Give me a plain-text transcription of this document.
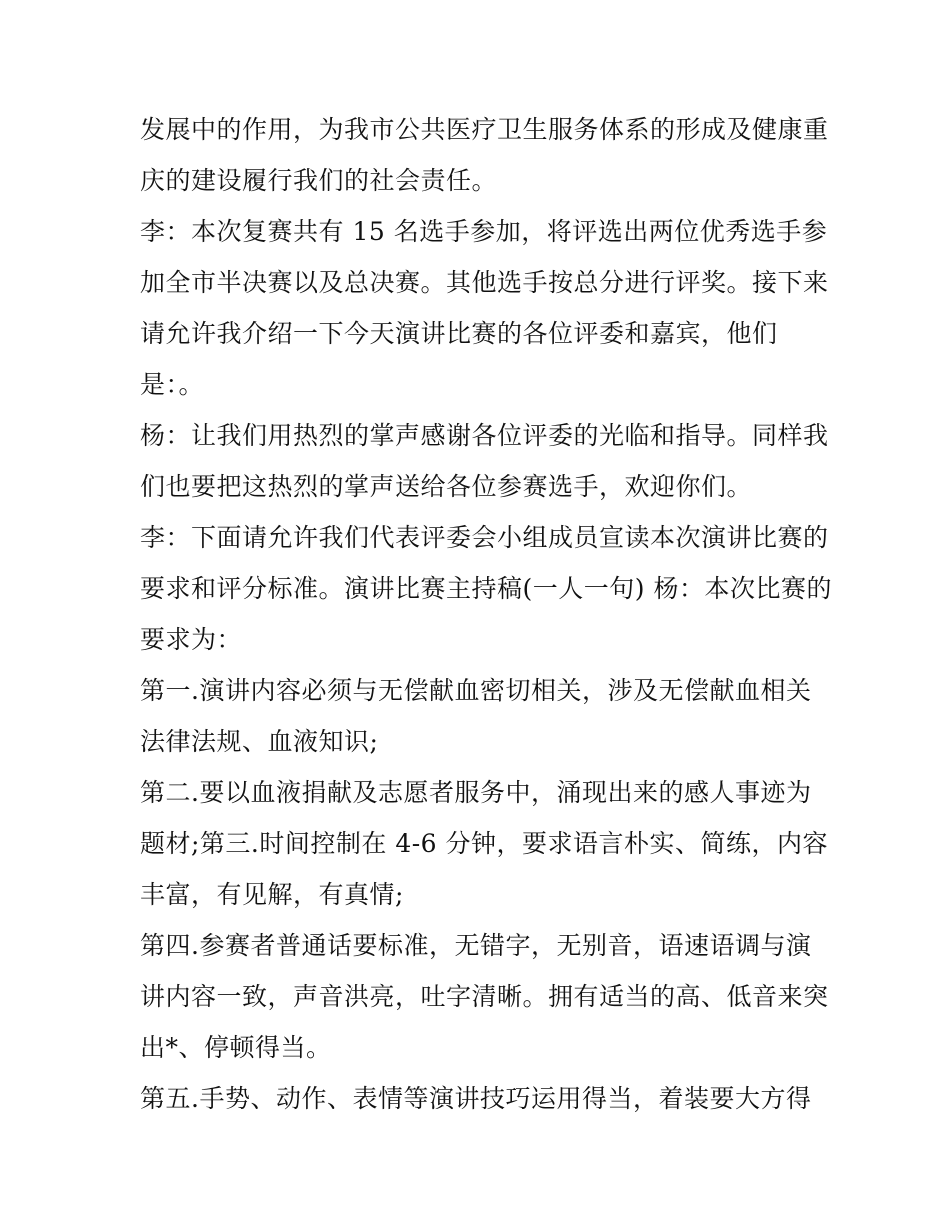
发展中的作用，为我市公共医疗卫生服务体系的形成及健康重
庆的建设履行我们的社会责任。
李：本次复赛共有 15 名选手参加，将评选出两位优秀选手参
加全市半决赛以及总决赛。其他选手按总分进行评奖。接下来
请允许我介绍一下今天演讲比赛的各位评委和嘉宾，他们
是：。
杨：让我们用热烈的掌声感谢各位评委的光临和指导。同样我
们也要把这热烈的掌声送给各位参赛选手，欢迎你们。
李：下面请允许我们代表评委会小组成员宣读本次演讲比赛的
要求和评分标准。演讲比赛主持稿(一人一句) 杨：本次比赛的
要求为：
第一.演讲内容必须与无偿献血密切相关，涉及无偿献血相关
法律法规、血液知识;
第二.要以血液捐献及志愿者服务中，涌现出来的感人事迹为
题材;第三.时间控制在 4-6 分钟，要求语言朴实、简练，内容
丰富，有见解，有真情;
第四.参赛者普通话要标准，无错字，无别音，语速语调与演
讲内容一致，声音洪亮，吐字清晰。拥有适当的高、低音来突
出*、停顿得当。
第五.手势、动作、表情等演讲技巧运用得当，着装要大方得
